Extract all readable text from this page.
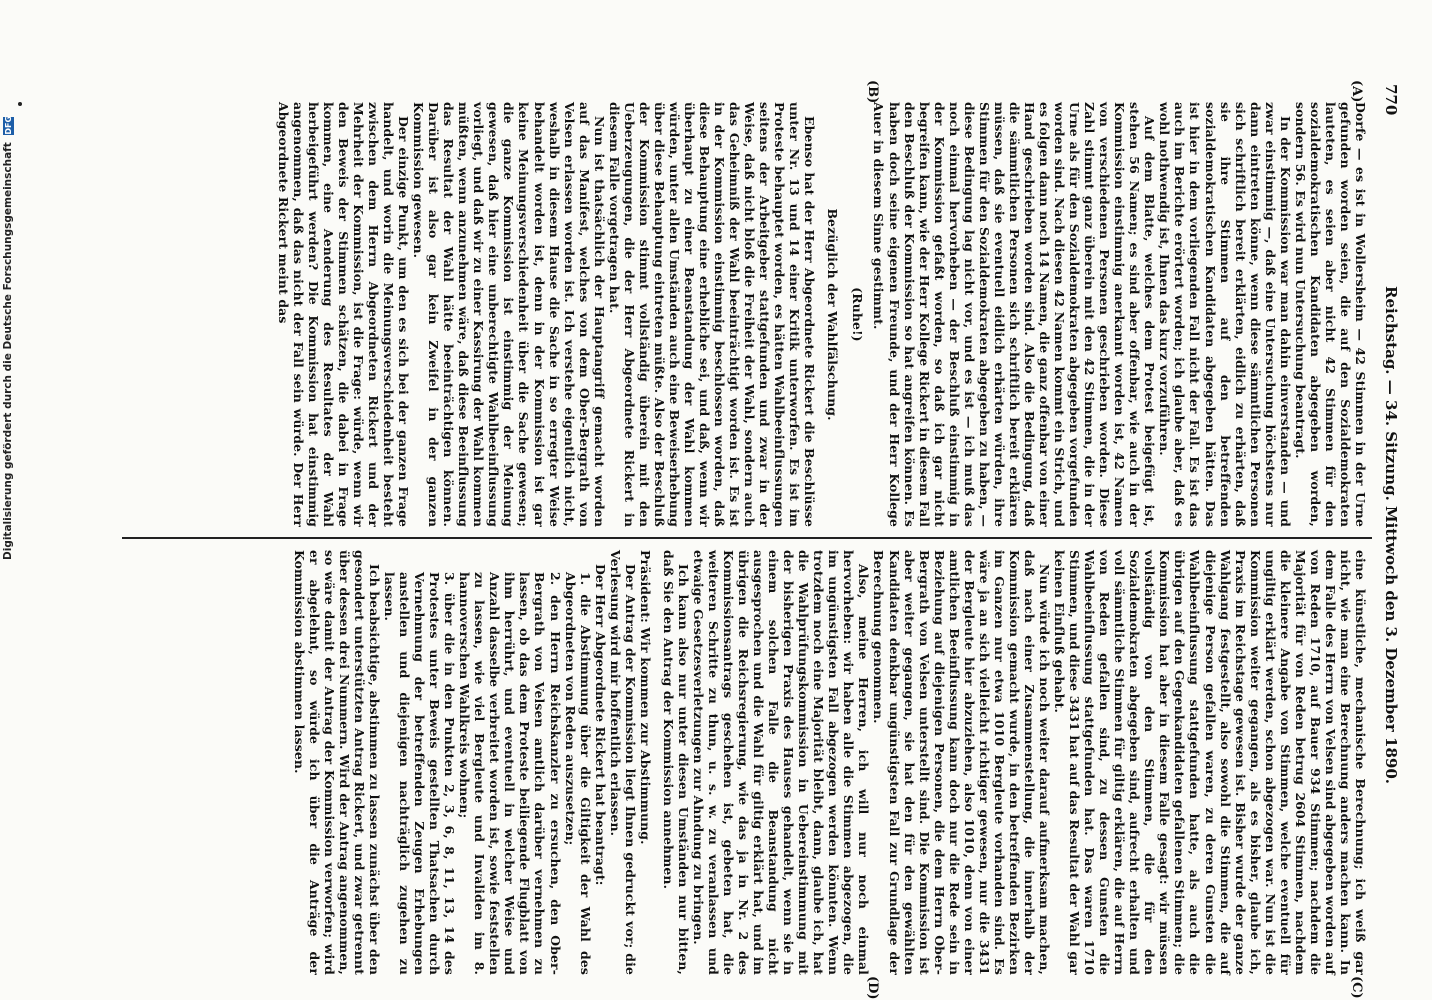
770
Reichstag. — 34. Sitzung. Mittwoch den 3. Dezember 1890.
(A)
(B)
(C)
(D)

Dorfe — es ist in Wollersheim — 42 Stimmen in der Urne gefunden worden seien, die auf den Sozialdemokraten lauteten, es seien aber nicht 42 Stimmen für den sozialdemokratischen Kandidaten abgegeben worden, sondern 56. Es wird nun Untersuchung beantragt.

In der Kommission war man dahin einverstanden — und zwar einstimmig —, daß eine Untersuchung höchstens nur dann eintreten könne, wenn diese sämmtlichen Personen sich schriftlich bereit erklärten, eidlich zu erhärten, daß sie ihre Stimmen auf den betreffenden sozialdemokratischen Kandidaten abgegeben hätten. Das ist hier in dem vorliegenden Fall nicht der Fall. Es ist das auch im Berichte erörtert worden; ich glaube aber, daß es wohl nothwendig ist, Ihnen das kurz vorzuführen.

Auf dem Blatte, welches dem Protest beigefügt ist, stehen 56 Namen; es sind aber offenbar, wie auch in der Kommission einstimmig anerkannt worden ist, 42 Namen von verschiedenen Personen geschrieben worden. Diese Zahl stimmt ganz überein mit den 42 Stimmen, die in der Urne als für den Sozialdemokraten abgegeben vorgefunden worden sind. Nach diesen 42 Namen kommt ein Strich, und es folgen dann noch 14 Namen, die ganz offenbar von einer Hand geschrieben worden sind. Also die Bedingung, daß die sämmtlichen Personen sich schriftlich bereit erklären müssen, daß sie eventuell eidlich erhärten würden, ihre Stimmen für den Sozialdemokraten abgegeben zu haben, — diese Bedingung lag nicht vor, und es ist — ich muß das noch einmal hervorheben — der Beschluß einstimmig in der Kommission gefaßt worden, so daß ich gar nicht begreifen kann, wie der Herr Kollege Rickert in diesem Fall den Beschluß der Kommission so hat angreifen können. Es haben doch seine eigenen Freunde, und der Herr Kollege Auer in diesem Sinne gestimmt.

(Ruhe!)

Bezüglich der Wahlfälschung.

Ebenso hat der Herr Abgeordnete Rickert die Beschlüsse unter Nr. 13 und 14 einer Kritik unterworfen. Es ist im Proteste behauptet worden, es hätten Wahlbeeinflussungen seitens der Arbeitgeber stattgefunden und zwar in der Weise, daß nicht bloß die Freiheit der Wahl, sondern auch das Geheimniß der Wahl beeinträchtigt worden ist. Es ist in der Kommission einstimmig beschlossen worden, daß diese Behauptung eine erhebliche sei, und daß, wenn wir überhaupt zu einer Beanstandung der Wahl kommen würden, unter allen Umständen auch eine Beweiserhebung über diese Behauptung eintreten müßte. Also der Beschluß der Kommission stimmt vollständig überein mit den Ueberzeugungen, die der Herr Abgeordnete Rickert in diesem Falle vorgetragen hat.

Nun ist thatsächlich der Hauptangriff gemacht worden auf das Manifest, welches von dem Ober-Bergrath von Velsen erlassen worden ist. Ich verstehe eigentlich nicht, weshalb in diesem Hause die Sache in so erregter Weise behandelt worden ist, denn in der Kommission ist gar keine Meinungsverschiedenheit über die Sache gewesen; die ganze Kommission ist einstimmig der Meinung gewesen, daß hier eine unberechtigte Wahlbeeinflussung vorliegt, und daß wir zu einer Kassirung der Wahl kommen müßten, wenn anzunehmen wäre, daß diese Beeinflussung das Resultat der Wahl hätte beeinträchtigen können. Darüber ist also gar kein Zweifel in der ganzen Kommission gewesen.

Der einzige Punkt, um den es sich bei der ganzen Frage handelt, und worin die Meinungsverschiedenheit besteht zwischen dem Herrn Abgeordneten Rickert und der Mehrheit der Kommission, ist die Frage: würde, wenn wir den Beweis der Stimmen schätzen, die dabei in Frage kommen, eine Aenderung des Resultates der Wahl herbeigeführt werden? Die Kommission hat einstimmig angenommen, daß das nicht der Fall sein würde. Der Herr Abgeordnete Rickert meint das

eine künstliche, mechanische Berechnung; ich weiß gar nicht, wie man eine Berechnung anders machen kann. In dem Falle des Herrn von Velsen sind abgegeben worden auf von Reden 1710, auf Bauer 934 Stimmen; nachdem die Majorität für von Reden betrug 2604 Stimmen, nachdem die kleinere Angabe von Stimmen, welche eventuell für ungiltig erklärt werden, schon abgezogen war. Nun ist die Kommission weiter gegangen, als es bisher, glaube ich, Praxis im Reichstage gewesen ist. Bisher wurde der ganze Wahlgang festgestellt, also sowohl die Stimmen, die auf diejenige Person gefallen waren, zu deren Gunsten die Wahlbeeinflussung stattgefunden hatte, als auch die übrigen auf den Gegenkandidaten gefallenen Stimmen; die Kommission hat aber in diesem Falle gesagt: wir müssen vollständig von den Stimmen, die für den Sozialdemokraten abgegeben sind, aufrecht erhalten und voll sämmtliche Stimmen für giltig erklären, die auf Herrn von Reden gefallen sind, zu dessen Gunsten die Wahlbeeinflussung stattgefunden hat. Das waren 1710 Stimmen, und diese 3431 hat auf das Resultat der Wahl gar keinen Einfluß gehabt.

Nun würde ich noch weiter darauf aufmerksam machen, daß nach einer Zusammenstellung, die innerhalb der Kommission gemacht wurde, in den betreffenden Bezirken im Ganzen nur etwa 1010 Bergleute vorhanden sind. Es wäre ja an sich vielleicht richtiger gewesen, nur die 3431 der Bergleute hier abzuziehen, also 1010, denn von einer amtlichen Beeinflussung kann doch nur die Rede sein in Beziehung auf diejenigen Personen, die dem Herrn Ober-Bergrath von Velsen unterstellt sind. Die Kommission ist aber weiter gegangen, sie hat den für den gewählten Kandidaten denkbar ungünstigsten Fall zur Grundlage der Berechnung genommen.

Also, meine Herren, ich will nur noch einmal hervorheben: wir haben alle die Stimmen abgezogen, die im ungünstigsten Fall abgezogen werden könnten. Wenn trotzdem noch eine Majorität bleibt, dann, glaube ich, hat die Wahlprüfungskommission in Uebereinstimmung mit der bisherigen Praxis des Hauses gehandelt, wenn sie in einem solchen Falle die Beanstandung nicht ausgesprochen und die Wahl für giltig erklärt hat, und im übrigen die Reichsregierung, wie das ja in Nr. 2 des Kommissionsantrags geschehen ist, gebeten hat, die weiteren Schritte zu thun, u. s. w. zu veranlassen und etwaige Gesetzesverletzungen zur Ahndung zu bringen.

Ich kann also nur unter diesen Umständen nur bitten, daß Sie den Antrag der Kommission annehmen.

Präsident: Wir kommen zur Abstimmung.

Der Antrag der Kommission liegt Ihnen gedruckt vor; die Verlesung wird mir hoffentlich erlassen.

Der Herr Abgeordnete Rickert hat beantragt:

1. die Abstimmung über die Giltigkeit der Wahl des Abgeordneten von Reden auszusetzen;

2. den Herrn Reichskanzler zu ersuchen, den Ober-Bergrath von Velsen amtlich darüber vernehmen zu lassen, ob das dem Proteste beiliegende Flugblatt von ihm herrührt, und eventuell in welcher Weise und Anzahl dasselbe verbreitet worden ist, sowie feststellen zu lassen, wie viel Bergleute und Invaliden im 8. hannoverschen Wahlkreis wohnen;

3. über die in den Punkten 2, 3, 6, 8, 11, 13, 14 des Protestes unter Beweis gestellten Thatsachen durch Vernehmung der betreffenden Zeugen Erhebungen anstellen und diejenigen nachträglich zugehen zu lassen.

Ich beabsichtige, abstimmen zu lassen zunächst über den gesondert unterstützten Antrag Rickert, und zwar getrennt über dessen drei Nummern. Wird der Antrag angenommen, so wäre damit der Antrag der Kommission verworfen; wird er abgelehnt, so würde ich über die Anträge der Kommission abstimmen lassen.

Digitalisierung gefördert durch die Deutsche Forschungsgemeinschaft DFG
